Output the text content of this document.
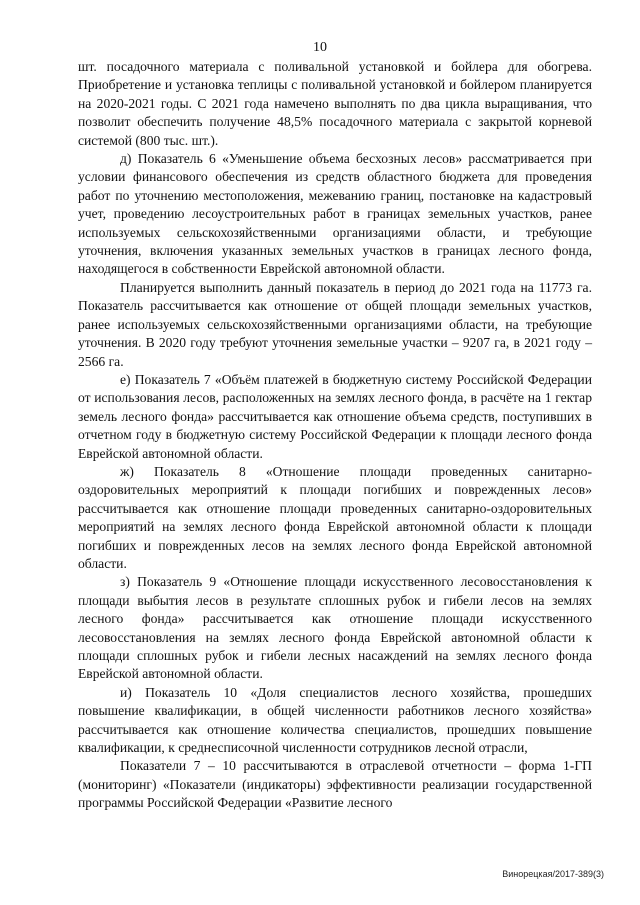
10

шт. посадочного материала с поливальной установкой и бойлера для обогрева. Приобретение и установка теплицы с поливальной установкой и бойлером планируется на 2020-2021 годы. С 2021 года намечено выполнять по два цикла выращивания, что позволит обеспечить получение 48,5% посадочного материала с закрытой корневой системой (800 тыс. шт.).

д) Показатель 6 «Уменьшение объема бесхозных лесов» рассматривается при условии финансового обеспечения из средств областного бюджета для проведения работ по уточнению местоположения, межеванию границ, постановке на кадастровый учет, проведению лесоустроительных работ в границах земельных участков, ранее используемых сельскохозяйственными организациями области, и требующие уточнения, включения указанных земельных участков в границах лесного фонда, находящегося в собственности Еврейской автономной области.

Планируется выполнить данный показатель в период до 2021 года на 11773 га. Показатель рассчитывается как отношение от общей площади земельных участков, ранее используемых сельскохозяйственными организациями области, на требующие уточнения. В 2020 году требуют уточнения земельные участки – 9207 га, в 2021 году – 2566 га.

е) Показатель 7 «Объём платежей в бюджетную систему Российской Федерации от использования лесов, расположенных на землях лесного фонда, в расчёте на 1 гектар земель лесного фонда» рассчитывается как отношение объема средств, поступивших в отчетном году в бюджетную систему Российской Федерации к площади лесного фонда Еврейской автономной области.

ж) Показатель 8 «Отношение площади проведенных санитарно-оздоровительных мероприятий к площади погибших и поврежденных лесов» рассчитывается как отношение площади проведенных санитарно-оздоровительных мероприятий на землях лесного фонда Еврейской автономной области к площади погибших и поврежденных лесов на землях лесного фонда Еврейской автономной области.

з) Показатель 9 «Отношение площади искусственного лесовосстановления к площади выбытия лесов в результате сплошных рубок и гибели лесов на землях лесного фонда» рассчитывается как отношение площади искусственного лесовосстановления на землях лесного фонда Еврейской автономной области к площади сплошных рубок и гибели лесных насаждений на землях лесного фонда Еврейской автономной области.

и) Показатель 10 «Доля специалистов лесного хозяйства, прошедших повышение квалификации, в общей численности работников лесного хозяйства» рассчитывается как отношение количества специалистов, прошедших повышение квалификации, к среднесписочной численности сотрудников лесной отрасли,

Показатели 7 – 10 рассчитываются в отраслевой отчетности – форма 1-ГП (мониторинг) «Показатели (индикаторы) эффективности реализации государственной программы Российской Федерации «Развитие лесного

Винорецкая/2017-389(3)
